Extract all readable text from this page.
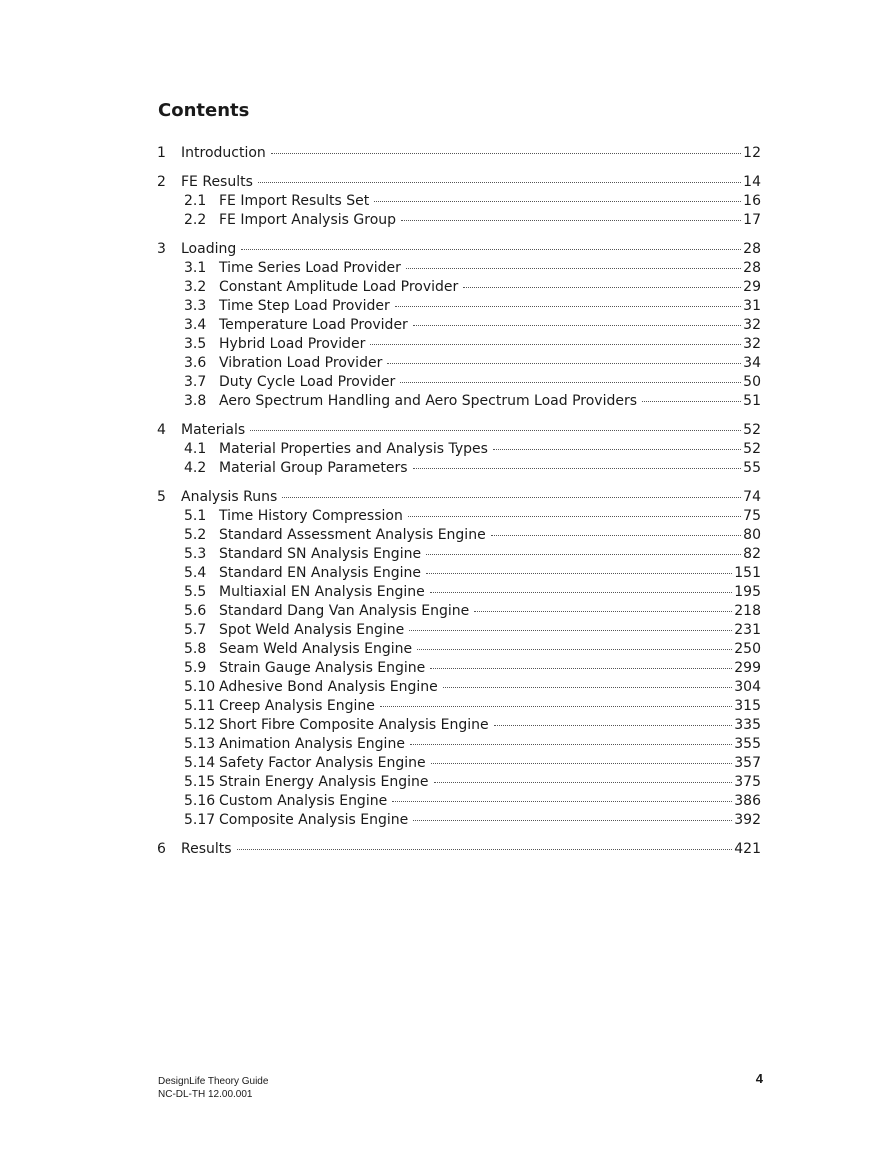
Contents
1	Introduction	12
2	FE Results	14
2.1 FE Import Results Set	16
2.2 FE Import Analysis Group	17
3	Loading	28
3.1 Time Series Load Provider	28
3.2 Constant Amplitude Load Provider	29
3.3 Time Step Load Provider	31
3.4 Temperature Load Provider	32
3.5 Hybrid Load Provider	32
3.6 Vibration Load Provider	34
3.7 Duty Cycle Load Provider	50
3.8 Aero Spectrum Handling and Aero Spectrum Load Providers	51
4	Materials	52
4.1 Material Properties and Analysis Types	52
4.2 Material Group Parameters	55
5	Analysis Runs	74
5.1 Time History Compression	75
5.2 Standard Assessment Analysis Engine	80
5.3 Standard SN Analysis Engine	82
5.4 Standard EN Analysis Engine	151
5.5 Multiaxial EN Analysis Engine	195
5.6 Standard Dang Van Analysis Engine	218
5.7 Spot Weld Analysis Engine	231
5.8 Seam Weld Analysis Engine	250
5.9 Strain Gauge Analysis Engine	299
5.10 Adhesive Bond Analysis Engine	304
5.11 Creep Analysis Engine	315
5.12 Short Fibre Composite Analysis Engine	335
5.13 Animation Analysis Engine	355
5.14 Safety Factor Analysis Engine	357
5.15 Strain Energy Analysis Engine	375
5.16 Custom Analysis Engine	386
5.17 Composite Analysis Engine	392
6	Results	421
DesignLife Theory Guide
NC-DL-TH 12.00.001
4
